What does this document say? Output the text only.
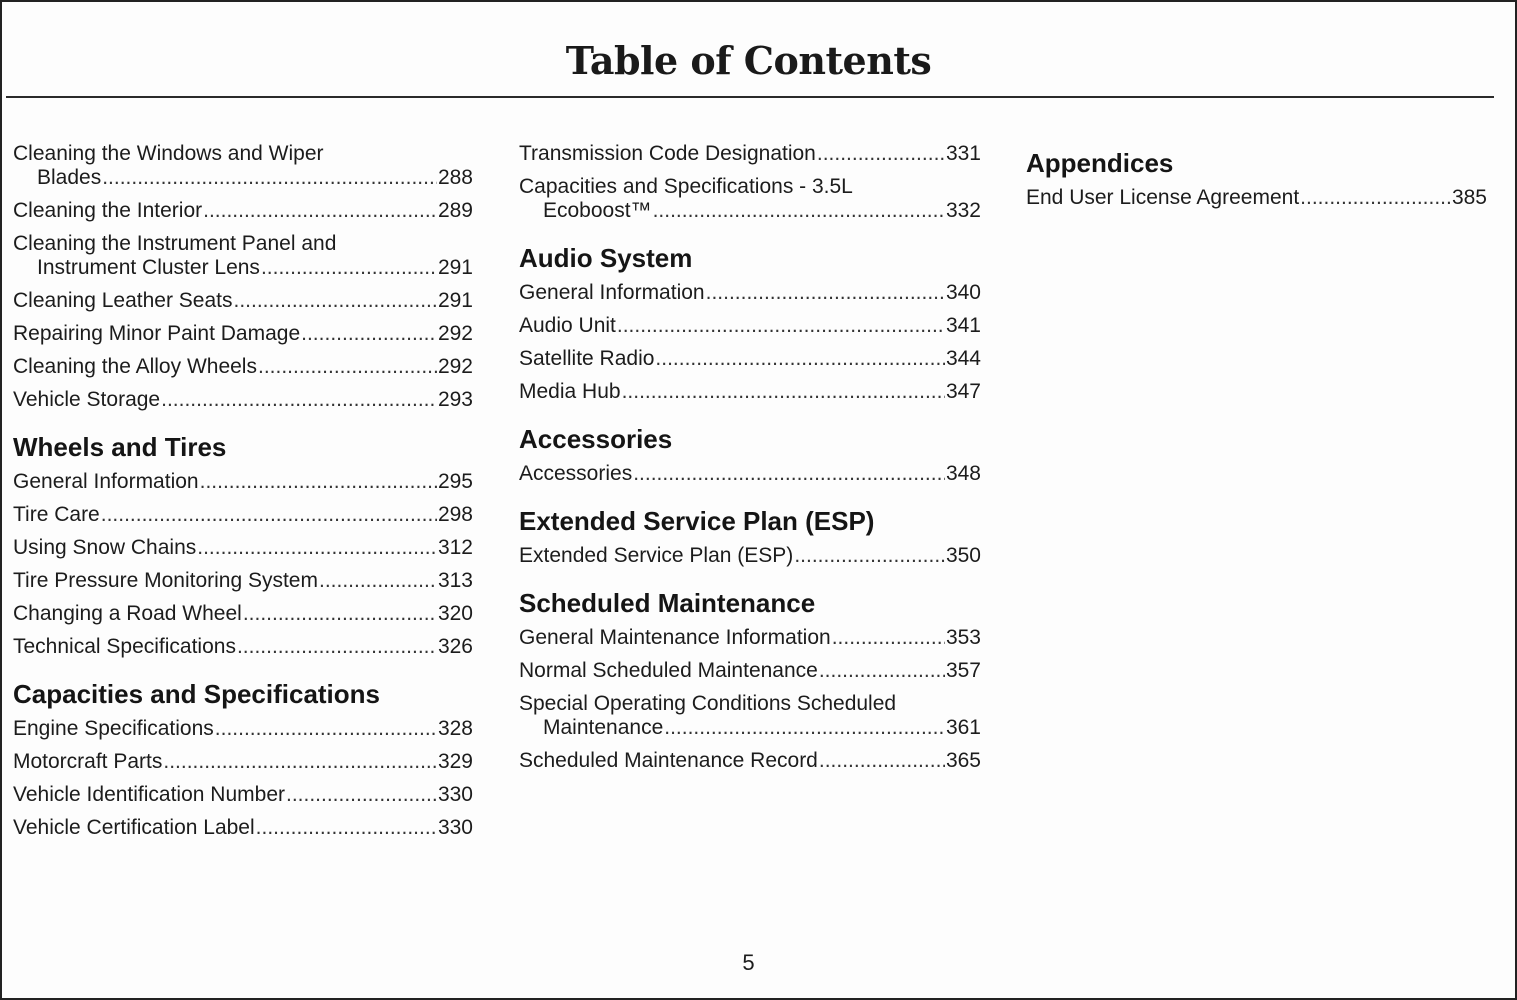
Table of Contents
Cleaning the Windows and Wiper
Blades .....	288
Cleaning the Interior .....	289
Cleaning the Instrument Panel and
Instrument Cluster Lens .....	291
Cleaning Leather Seats .....	291
Repairing Minor Paint Damage .....	292
Cleaning the Alloy Wheels .....	292
Vehicle Storage .....	293
Wheels and Tires
General Information .....	295
Tire Care .....	298
Using Snow Chains .....	312
Tire Pressure Monitoring System .....	313
Changing a Road Wheel .....	320
Technical Specifications .....	326
Capacities and Specifications
Engine Specifications .....	328
Motorcraft Parts .....	329
Vehicle Identification Number .....	330
Vehicle Certification Label .....	330
Transmission Code Designation .....	331
Capacities and Specifications - 3.5L
Ecoboost™ .....	332
Audio System
General Information .....	340
Audio Unit .....	341
Satellite Radio .....	344
Media Hub .....	347
Accessories
Accessories .....	348
Extended Service Plan (ESP)
Extended Service Plan (ESP) .....	350
Scheduled Maintenance
General Maintenance Information .....	353
Normal Scheduled Maintenance .....	357
Special Operating Conditions Scheduled
Maintenance .....	361
Scheduled Maintenance Record .....	365
Appendices
End User License Agreement .....	385
5
